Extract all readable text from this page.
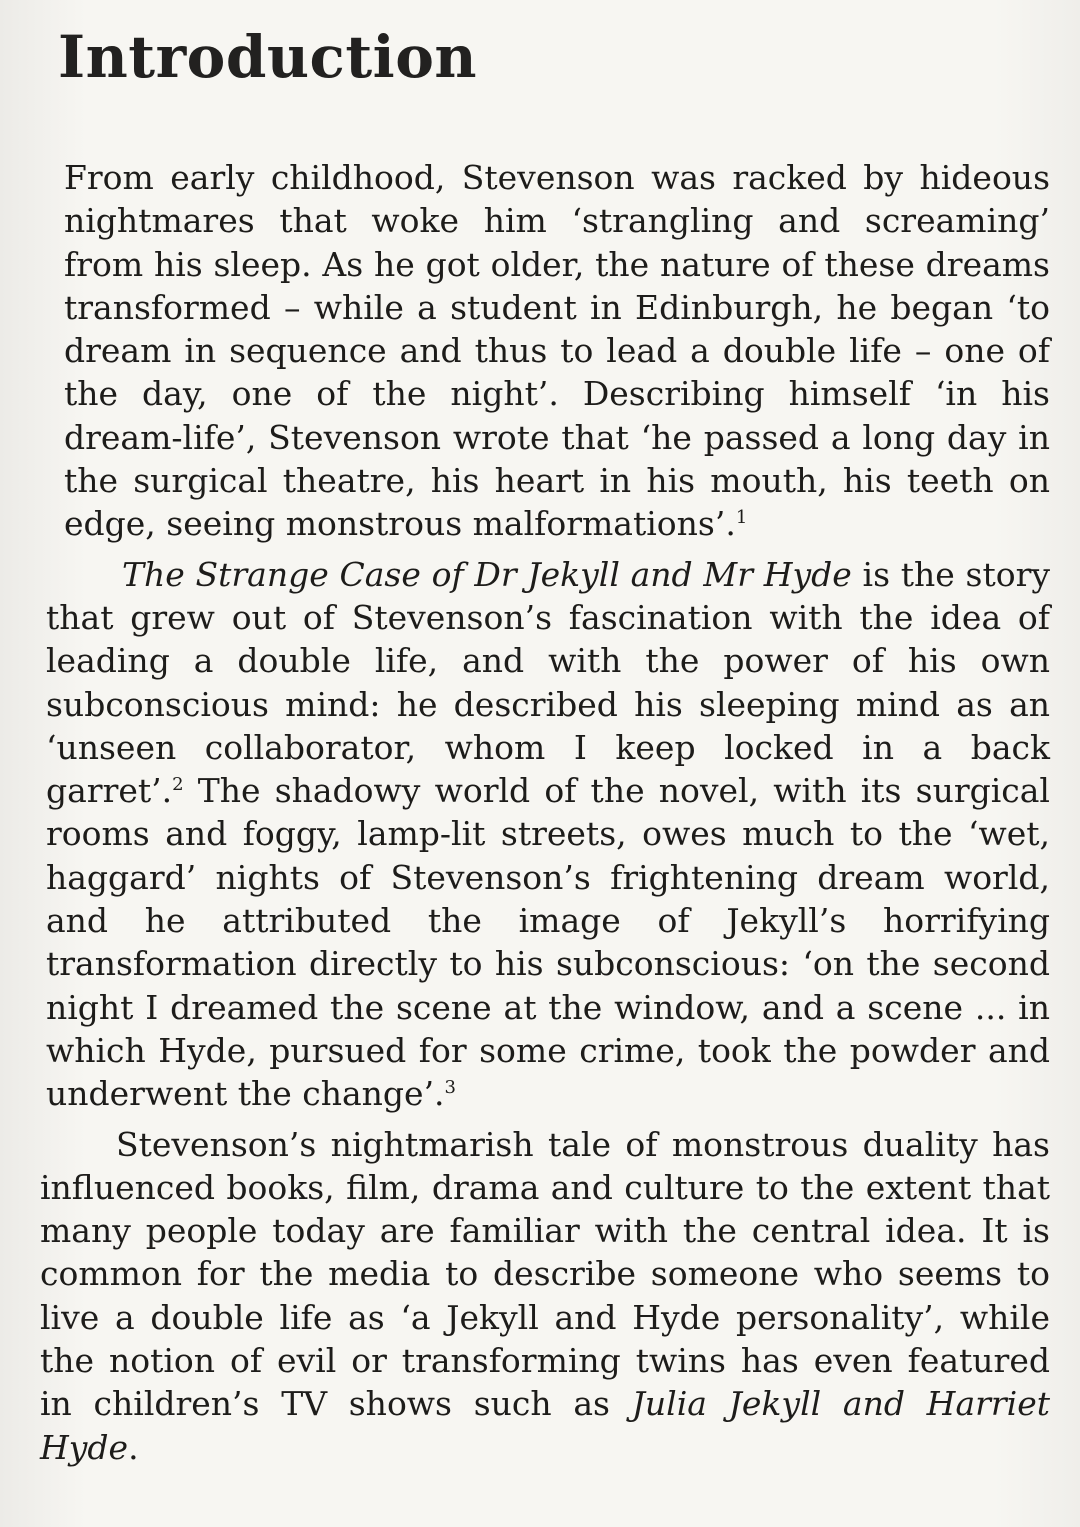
Introduction

From early childhood, Stevenson was racked by hideous nightmares that woke him ‘strangling and screaming’ from his sleep. As he got older, the nature of these dreams transformed – while a student in Edinburgh, he began ‘to dream in sequence and thus to lead a double life – one of the day, one of the night’. Describing himself ‘in his dream-life’, Stevenson wrote that ‘he passed a long day in the surgical theatre, his heart in his mouth, his teeth on edge, seeing monstrous malformations’.$^1$

The Strange Case of Dr Jekyll and Mr Hyde is the story that grew out of Stevenson’s fascination with the idea of leading a double life, and with the power of his own subconscious mind: he described his sleeping mind as an ‘unseen collaborator, whom I keep locked in a back garret’.$^2$ The shadowy world of the novel, with its surgical rooms and foggy, lamp-lit streets, owes much to the ‘wet, haggard’ nights of Stevenson’s frightening dream world, and he attributed the image of Jekyll’s horrifying transformation directly to his subconscious: ‘on the second night I dreamed the scene at the window, and a scene ... in which Hyde, pursued for some crime, took the powder and underwent the change’.$^3$

Stevenson’s nightmarish tale of monstrous duality has influenced books, film, drama and culture to the extent that many people today are familiar with the central idea. It is common for the media to describe someone who seems to live a double life as ‘a Jekyll and Hyde personality’, while the notion of evil or transforming twins has even featured in children’s TV shows such as Julia Jekyll and Harriet Hyde.
